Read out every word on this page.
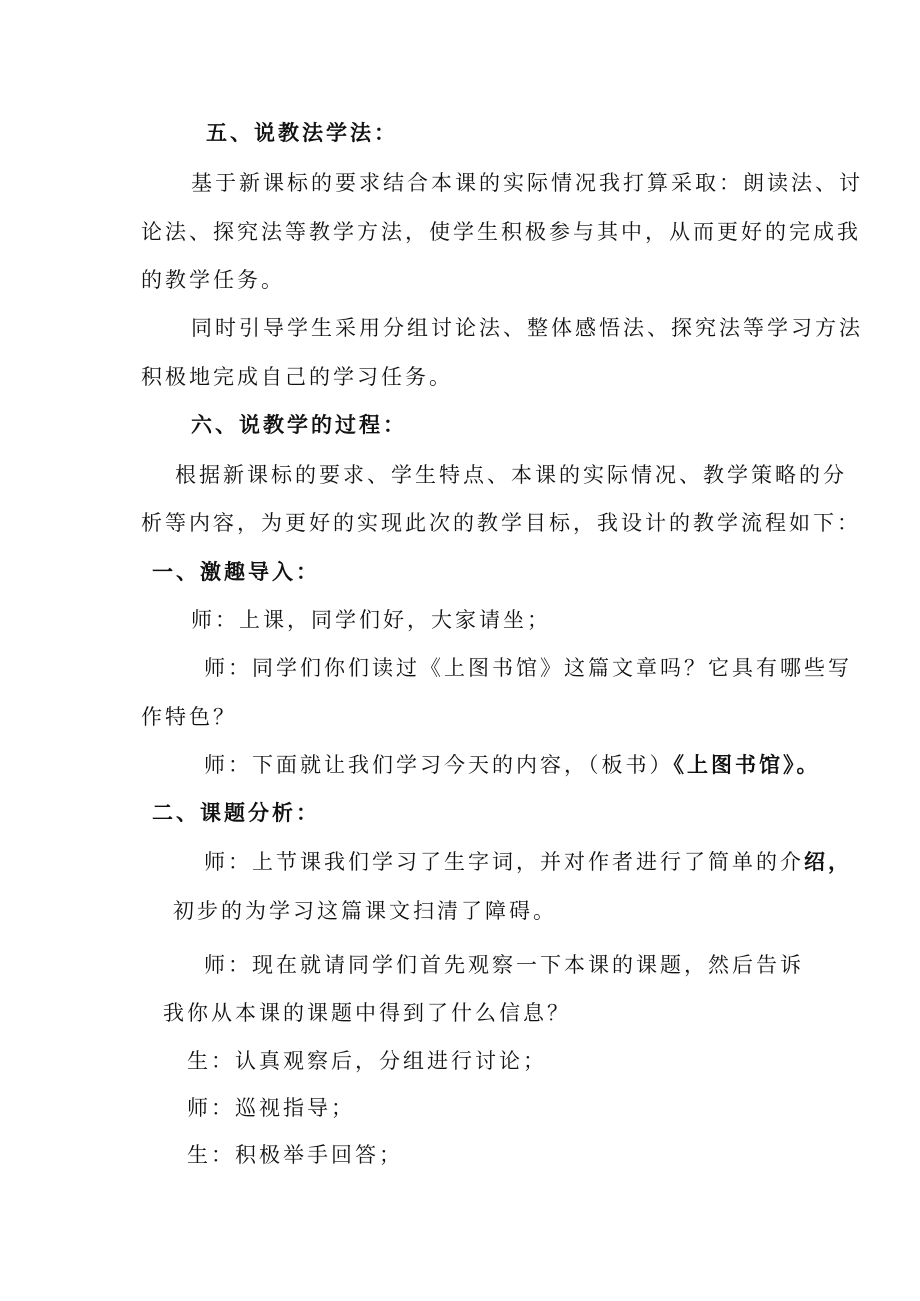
五、说教法学法：
基于新课标的要求结合本课的实际情况我打算采取：朗读法、讨
论法、探究法等教学方法，使学生积极参与其中，从而更好的完成我
的教学任务。
同时引导学生采用分组讨论法、整体感悟法、探究法等学习方法
积极地完成自己的学习任务。
六、说教学的过程：
根据新课标的要求、学生特点、本课的实际情况、教学策略的分
析等内容，为更好的实现此次的教学目标，我设计的教学流程如下：
一、激趣导入：
师：上课，同学们好，大家请坐；
师：同学们你们读过《上图书馆》这篇文章吗？它具有哪些写
作特色？
师：下面就让我们学习今天的内容，（板书）《上图书馆》。
二、课题分析：
师：上节课我们学习了生字词，并对作者进行了简单的介绍，
初步的为学习这篇课文扫清了障碍。
师：现在就请同学们首先观察一下本课的课题，然后告诉
我你从本课的课题中得到了什么信息？
生：认真观察后，分组进行讨论；
师：巡视指导；
生：积极举手回答；
